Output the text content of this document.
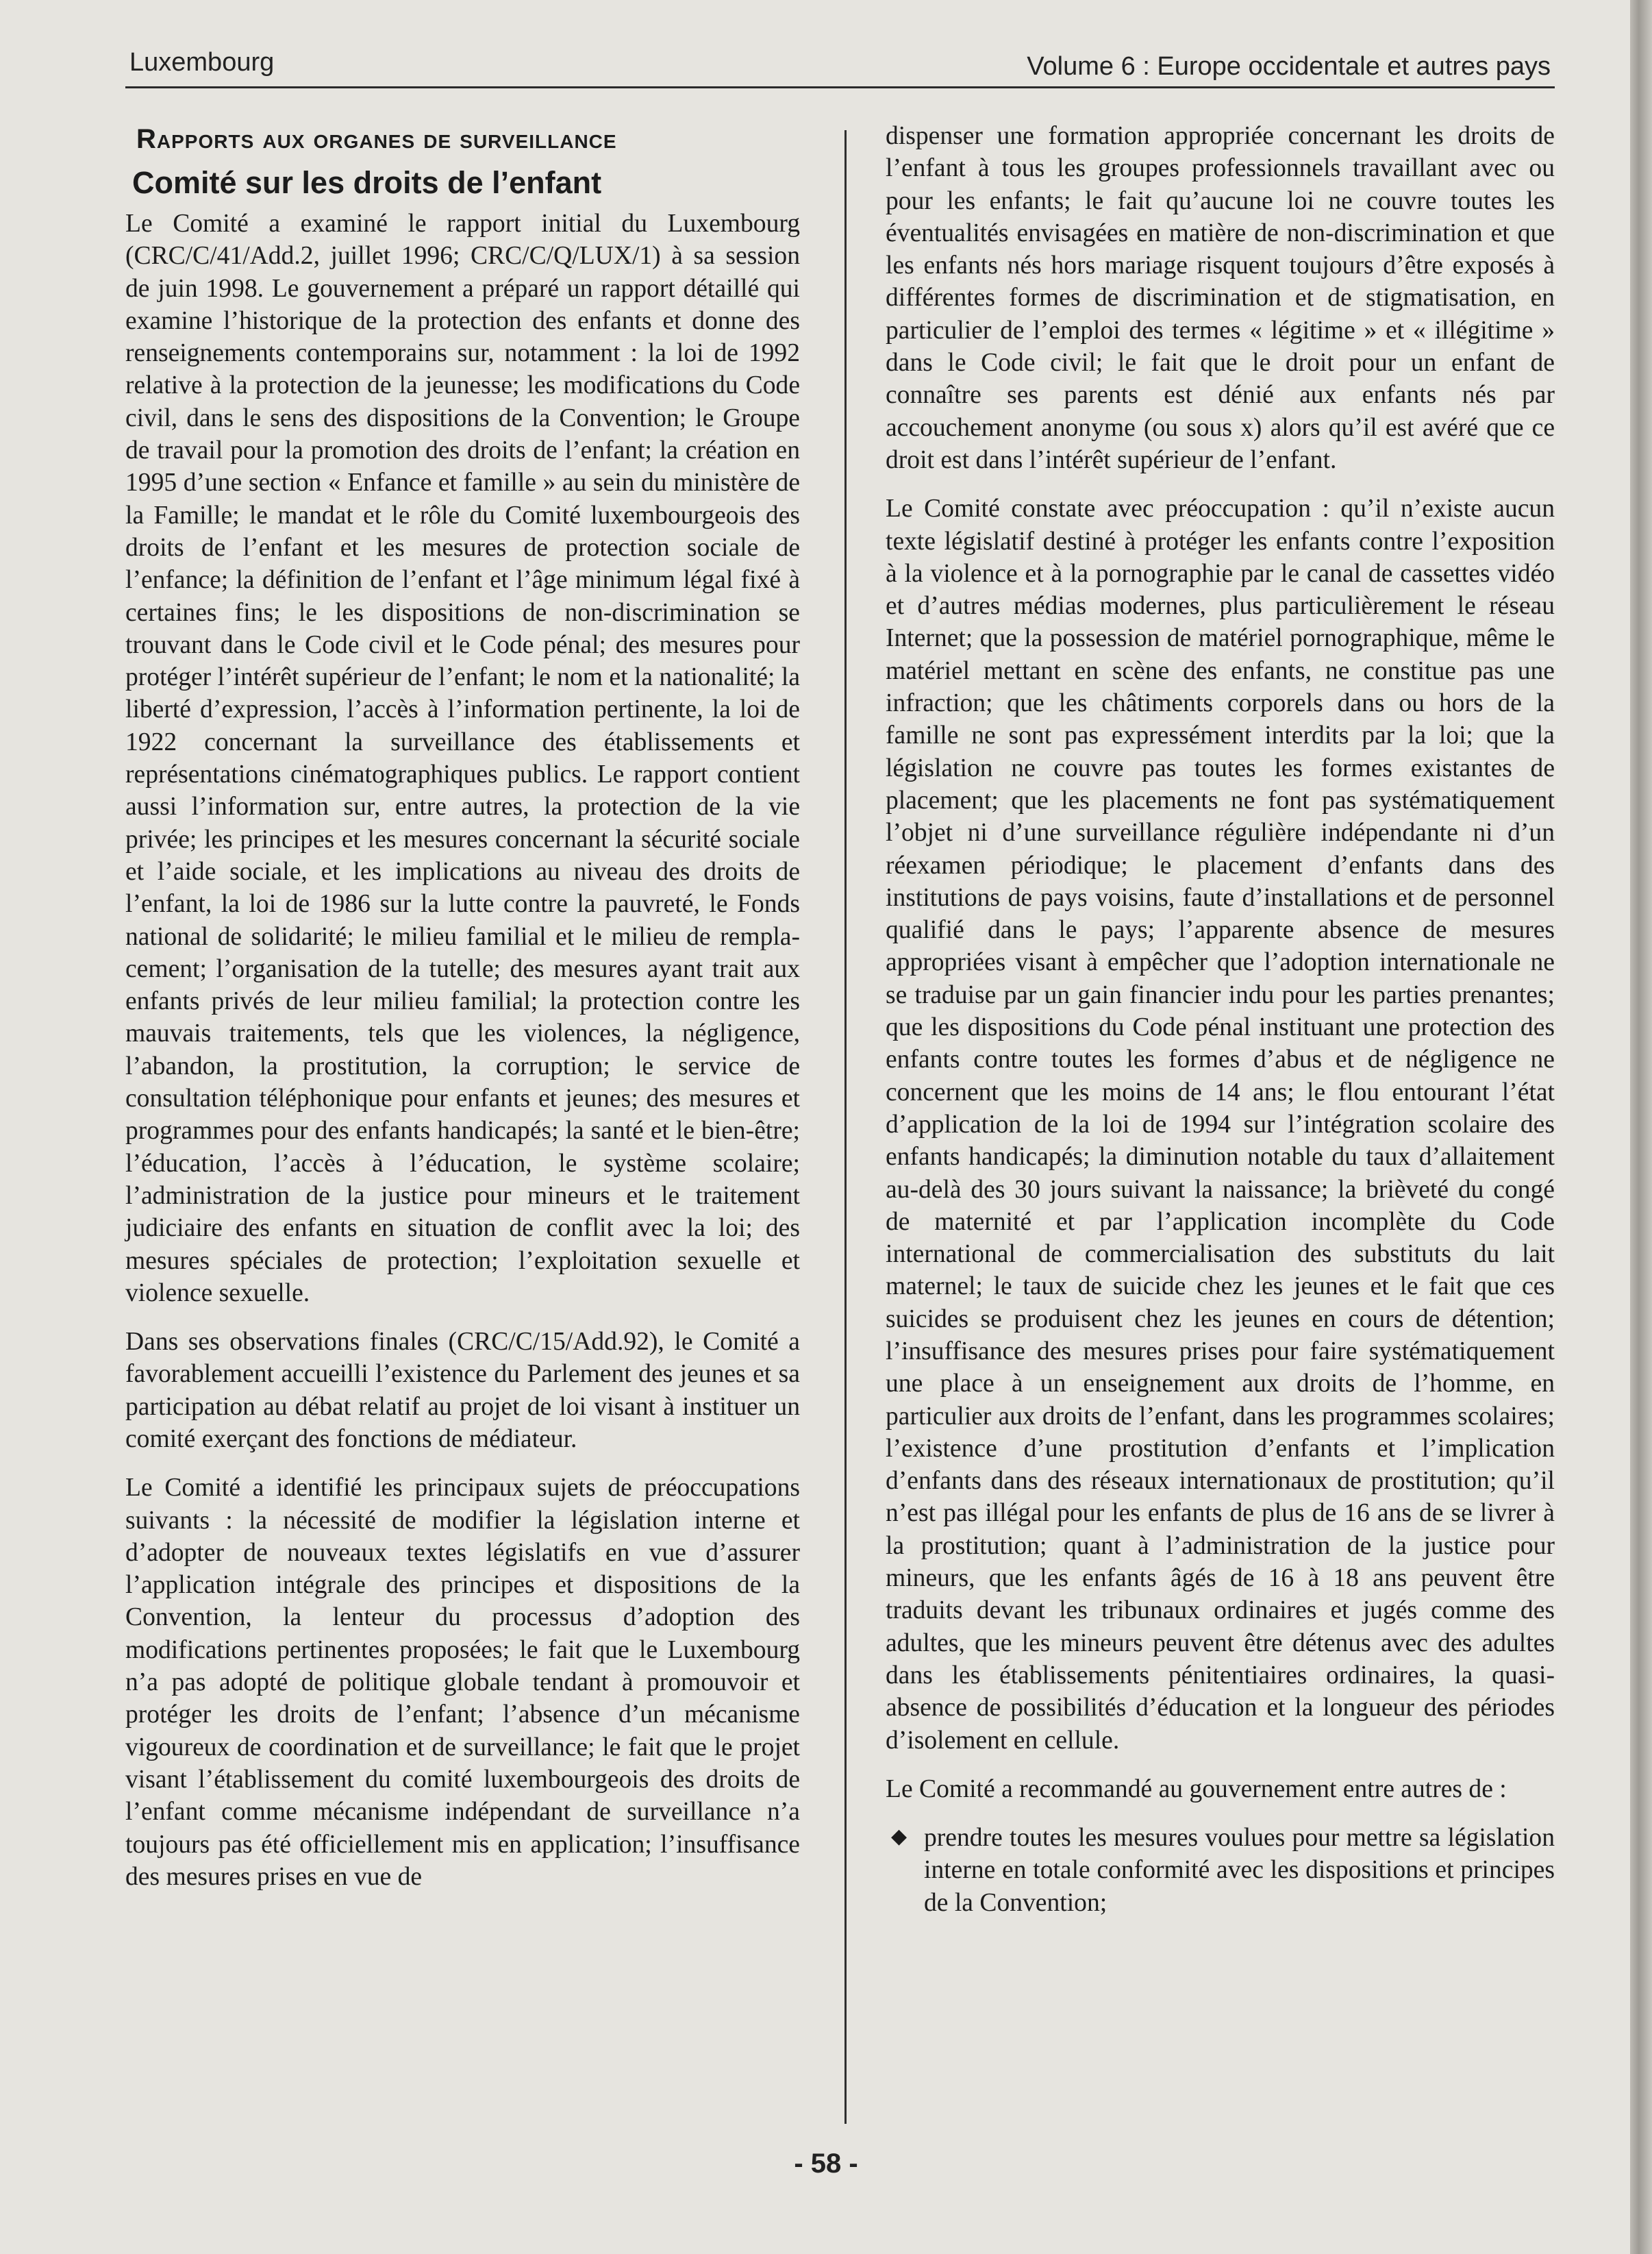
Luxembourg	Volume 6 : Europe occidentale et autres pays
Rapports aux organes de surveillance
Comité sur les droits de l’enfant

Le Comité a examiné le rapport initial du Luxembourg (CRC/C/41/Add.2, juillet 1996; CRC/C/Q/LUX/1) à sa session de juin 1998. Le gouvernement a préparé un rapport détaillé qui examine l’historique de la protection des enfants et donne des renseignements contemporains sur, notamment : la loi de 1992 relative à la protection de la jeunesse; les modifications du Code civil, dans le sens des dispositions de la Convention; le Groupe de travail pour la promotion des droits de l’enfant; la création en 1995 d’une section « Enfance et famille » au sein du ministère de la Famille; le mandat et le rôle du Comité luxembourgeois des droits de l’enfant et les mesures de protection sociale de l’enfance; la définition de l’enfant et l’âge minimum légal fixé à certaines fins; le les dispositions de non-discrimination se trouvant dans le Code civil et le Code pénal; des mesures pour protéger l’intérêt supérieur de l’enfant; le nom et la nationalité; la liberté d’expression, l’accès à l’information pertinente, la loi de 1922 concernant la surveillance des établissements et représentations cinématographiques publics. Le rapport contient aussi l’information sur, entre autres, la protection de la vie privée; les principes et les mesures concernant la sécurité sociale et l’aide sociale, et les implications au niveau des droits de l’enfant, la loi de 1986 sur la lutte contre la pauvreté, le Fonds national de solidarité; le milieu familial et le milieu de remplacement; l’organisation de la tutelle; des mesures ayant trait aux enfants privés de leur milieu familial; la protection contre les mauvais traitements, tels que les violences, la négligence, l’abandon, la prostitution, la corruption; le service de consultation téléphonique pour enfants et jeunes; des mesures et programmes pour des enfants handicapés; la santé et le bien-être; l’éducation, l’accès à l’éducation, le système scolaire; l’administration de la justice pour mineurs et le traitement judiciaire des enfants en situation de conflit avec la loi; des mesures spéciales de protection; l’exploitation sexuelle et violence sexuelle.

Dans ses observations finales (CRC/C/15/Add.92), le Comité a favorablement accueilli l’existence du Parlement des jeunes et sa participation au débat relatif au projet de loi visant à instituer un comité exerçant des fonctions de médiateur.

Le Comité a identifié les principaux sujets de préoccupations suivants : la nécessité de modifier la législation interne et d’adopter de nouveaux textes législatifs en vue d’assurer l’application intégrale des principes et dispositions de la Convention, la lenteur du processus d’adoption des modifications pertinentes proposées; le fait que le Luxembourg n’a pas adopté de politique globale tendant à promouvoir et protéger les droits de l’enfant; l’absence d’un mécanisme vigoureux de coordination et de surveillance; le fait que le projet visant l’établissement du comité luxembourgeois des droits de l’enfant comme mécanisme indépendant de surveillance n’a toujours pas été officiellement mis en application; l’insuffisance des mesures prises en vue de

dispenser une formation appropriée concernant les droits de l’enfant à tous les groupes professionnels travaillant avec ou pour les enfants; le fait qu’aucune loi ne couvre toutes les éventualités envisagées en matière de non-discrimination et que les enfants nés hors mariage risquent toujours d’être exposés à différentes formes de discrimination et de stigmatisation, en particulier de l’emploi des termes « légitime » et « illégitime » dans le Code civil; le fait que le droit pour un enfant de connaître ses parents est dénié aux enfants nés par accouchement anonyme (ou sous x) alors qu’il est avéré que ce droit est dans l’intérêt supérieur de l’enfant.

Le Comité constate avec préoccupation : qu’il n’existe aucun texte législatif destiné à protéger les enfants contre l’exposition à la violence et à la pornographie par le canal de cassettes vidéo et d’autres médias modernes, plus particulièrement le réseau Internet; que la possession de matériel pornographique, même le matériel mettant en scène des enfants, ne constitue pas une infraction; que les châtiments corporels dans ou hors de la famille ne sont pas expressément interdits par la loi; que la législation ne couvre pas toutes les formes existantes de placement; que les placements ne font pas systématiquement l’objet ni d’une surveillance régulière indépendante ni d’un réexamen périodique; le placement d’enfants dans des institutions de pays voisins, faute d’installations et de personnel qualifié dans le pays; l’apparente absence de mesures appropriées visant à empêcher que l’adoption internationale ne se traduise par un gain financier indu pour les parties prenantes; que les dispositions du Code pénal instituant une protection des enfants contre toutes les formes d’abus et de négligence ne concernent que les moins de 14 ans; le flou entourant l’état d’application de la loi de 1994 sur l’intégration scolaire des enfants handicapés; la diminution notable du taux d’allaitement au-delà des 30 jours suivant la naissance; la brièveté du congé de maternité et par l’application incomplète du Code international de commercialisation des substituts du lait maternel; le taux de suicide chez les jeunes et le fait que ces suicides se produisent chez les jeunes en cours de détention; l’insuffisance des mesures prises pour faire systématiquement une place à un enseignement aux droits de l’homme, en particulier aux droits de l’enfant, dans les programmes scolaires; l’existence d’une prostitution d’enfants et l’implication d’enfants dans des réseaux internationaux de prostitution; qu’il n’est pas illégal pour les enfants de plus de 16 ans de se livrer à la prostitution; quant à l’administration de la justice pour mineurs, que les enfants âgés de 16 à 18 ans peuvent être traduits devant les tribunaux ordinaires et jugés comme des adultes, que les mineurs peuvent être détenus avec des adultes dans les établissements pénitentiaires ordinaires, la quasi-absence de possibilités d’éducation et la longueur des périodes d’isolement en cellule.

Le Comité a recommandé au gouvernement entre autres de :

◆ prendre toutes les mesures voulues pour mettre sa législation interne en totale conformité avec les dispositions et principes de la Convention;
- 58 -
